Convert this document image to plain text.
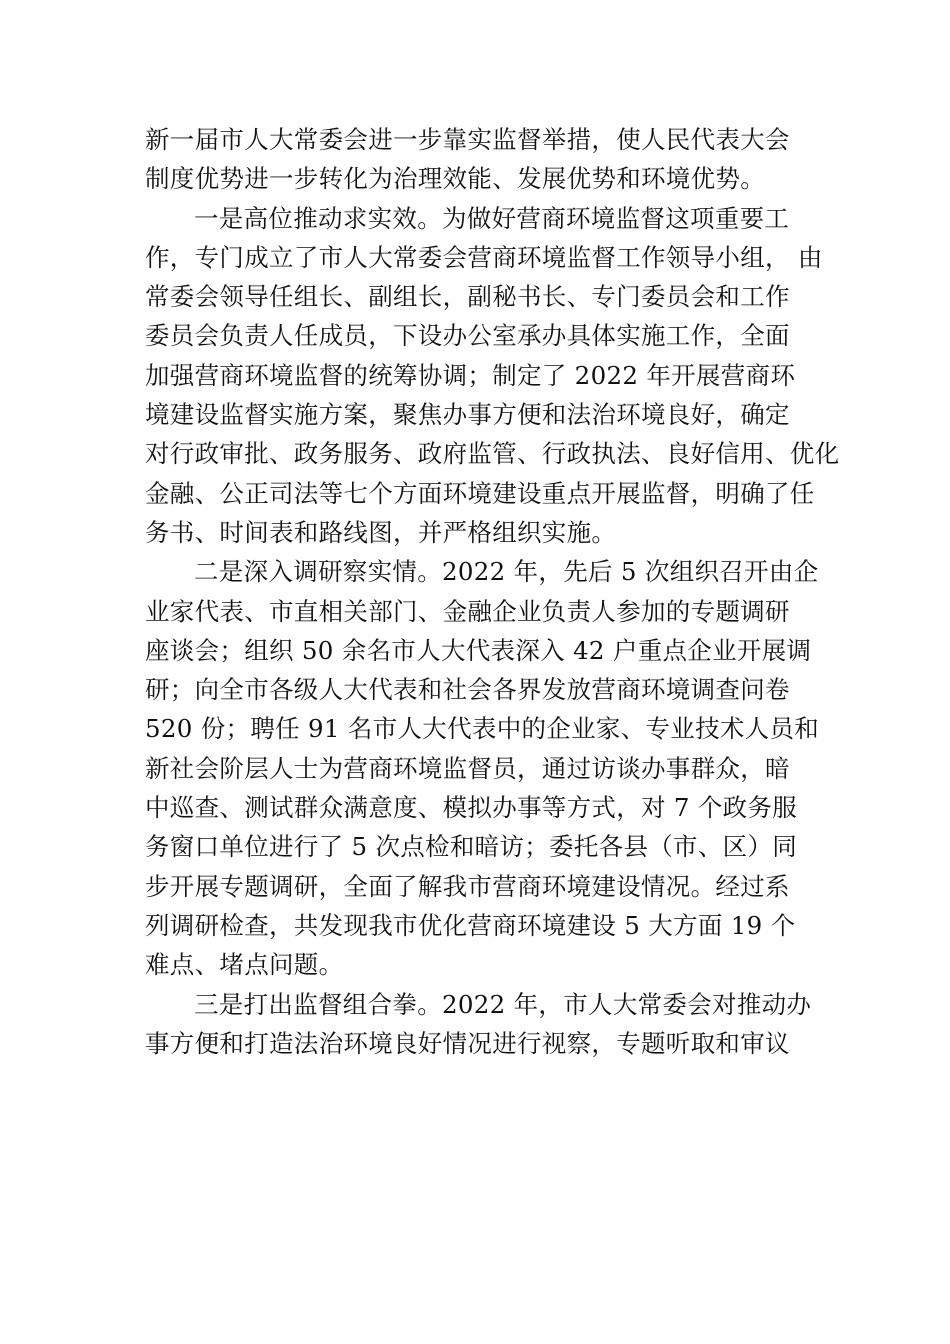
新一届市人大常委会进一步靠实监督举措，使人民代表大会
制度优势进一步转化为治理效能、发展优势和环境优势。
一是高位推动求实效。为做好营商环境监督这项重要工
作，专门成立了市人大常委会营商环境监督工作领导小组， 由
常委会领导任组长、副组长，副秘书长、专门委员会和工作
委员会负责人任成员，下设办公室承办具体实施工作，全面
加强营商环境监督的统筹协调；制定了 2022 年开展营商环
境建设监督实施方案，聚焦办事方便和法治环境良好，确定
对行政审批、政务服务、政府监管、行政执法、良好信用、优化
金融、公正司法等七个方面环境建设重点开展监督，明确了任
务书、时间表和路线图，并严格组织实施。
二是深入调研察实情。2022 年，先后 5 次组织召开由企
业家代表、市直相关部门、金融企业负责人参加的专题调研
座谈会；组织 50 余名市人大代表深入 42 户重点企业开展调
研；向全市各级人大代表和社会各界发放营商环境调查问卷
520 份；聘任 91 名市人大代表中的企业家、专业技术人员和
新社会阶层人士为营商环境监督员，通过访谈办事群众，暗
中巡查、测试群众满意度、模拟办事等方式，对 7 个政务服
务窗口单位进行了 5 次点检和暗访；委托各县（市、区）同
步开展专题调研，全面了解我市营商环境建设情况。经过系
列调研检查，共发现我市优化营商环境建设 5 大方面 19 个
难点、堵点问题。
三是打出监督组合拳。2022 年，市人大常委会对推动办
事方便和打造法治环境良好情况进行视察，专题听取和审议
